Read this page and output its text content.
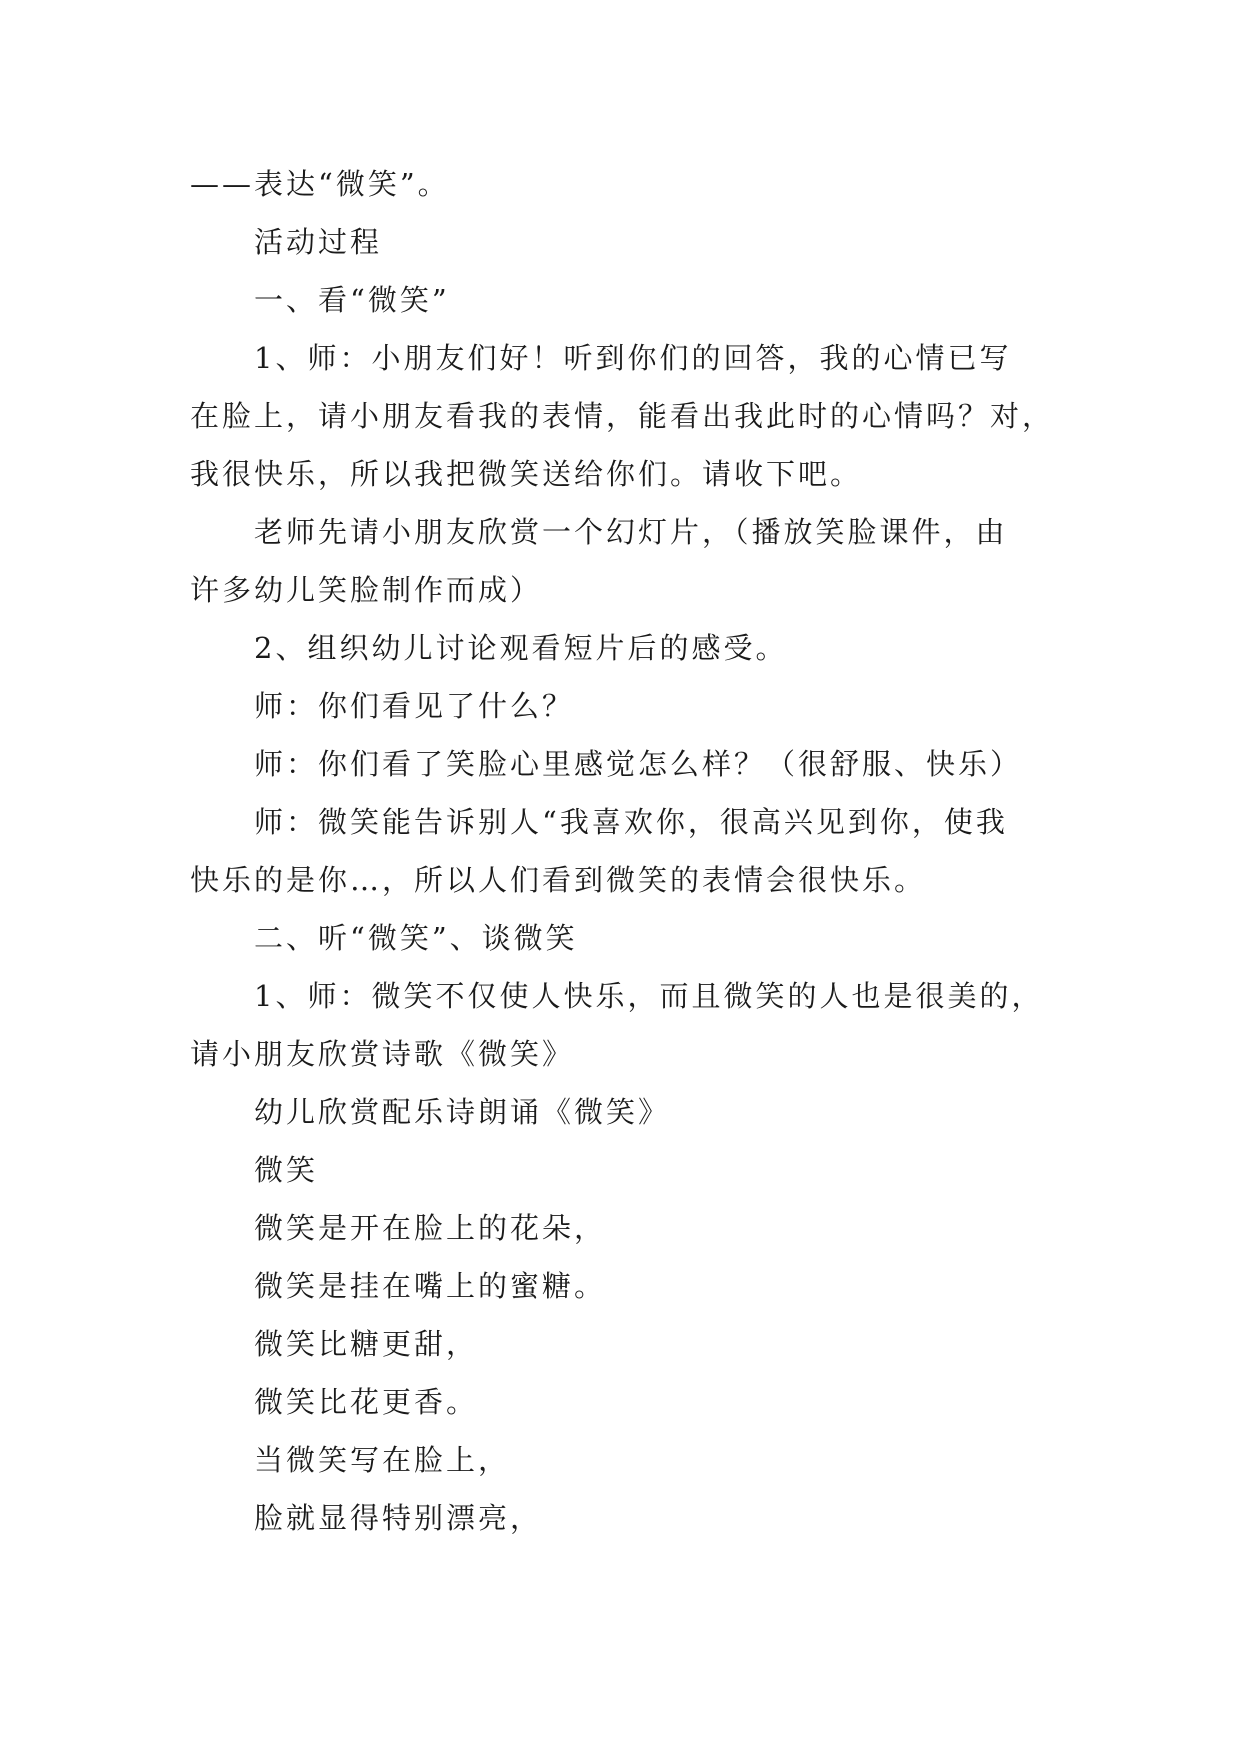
——表达“微笑”。
活动过程
一、看“微笑”
1、师：小朋友们好！听到你们的回答，我的心情已写
在脸上，请小朋友看我的表情，能看出我此时的心情吗？对，
我很快乐，所以我把微笑送给你们。请收下吧。
老师先请小朋友欣赏一个幻灯片，（播放笑脸课件，由
许多幼儿笑脸制作而成）
2、组织幼儿讨论观看短片后的感受。
师：你们看见了什么？
师：你们看了笑脸心里感觉怎么样？（很舒服、快乐）
师：微笑能告诉别人“我喜欢你，很高兴见到你，使我
快乐的是你…，所以人们看到微笑的表情会很快乐。
二、听“微笑”、谈微笑
1、师：微笑不仅使人快乐，而且微笑的人也是很美的，
请小朋友欣赏诗歌《微笑》
幼儿欣赏配乐诗朗诵《微笑》
微笑
微笑是开在脸上的花朵，
微笑是挂在嘴上的蜜糖。
微笑比糖更甜，
微笑比花更香。
当微笑写在脸上，
脸就显得特别漂亮，
